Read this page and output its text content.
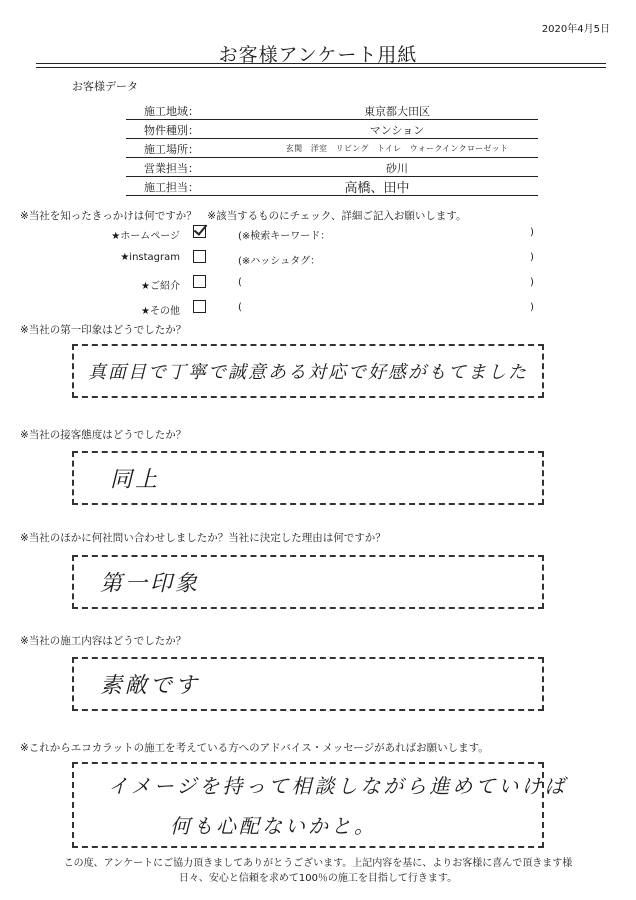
2020年4月5日
お客様アンケート用紙
お客様データ
施工地域：	東京都大田区
物件種別：	マンション
施工場所：	玄関　洋室　リビング　トイレ　ウォークインクローゼット
営業担当：	砂川
施工担当：	高橋、田中
※当社を知ったきっかけは何ですか？　※該当するものにチェック、詳細ご記入お願いします。
★ホームページ	(※検索キーワード：	)
★instagram	(※ハッシュタグ：	)
★ご紹介	(	)
★その他	(	)
※当社の第一印象はどうでしたか？
真面目で丁寧で誠意ある対応で好感がもてました
※当社の接客態度はどうでしたか？
同上
※当社のほかに何社問い合わせしましたか？当社に決定した理由は何ですか？
第一印象
※当社の施工内容はどうでしたか？
素敵です
※これからエコカラットの施工を考えている方へのアドバイス・メッセージがあればお願いします。
イメージを持って相談しながら進めていけば
何も心配ないかと。
この度、アンケートにご協力頂きましてありがとうございます。上記内容を基に、よりお客様に喜んで頂きます様
日々、安心と信頼を求めて100％の施工を目指して行きます。
